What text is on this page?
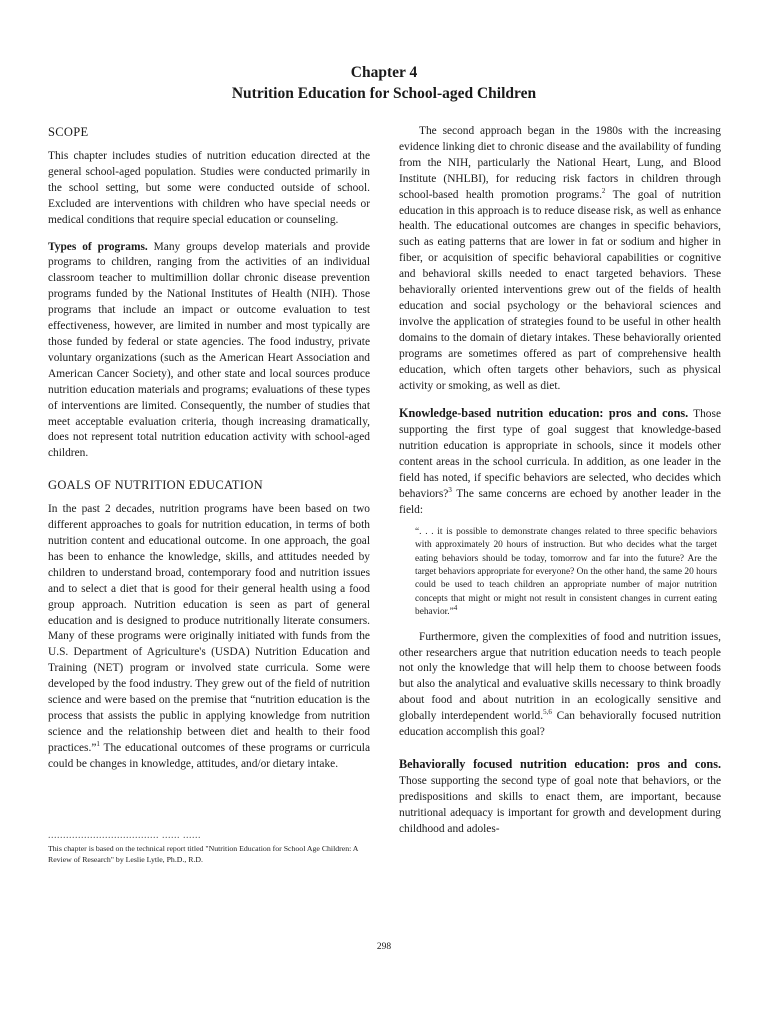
Chapter 4
Nutrition Education for School-aged Children
SCOPE

This chapter includes studies of nutrition education directed at the general school-aged population. Studies were conducted primarily in the school setting, but some were conducted outside of school. Excluded are interventions with children who have special needs or medical conditions that require special education or counseling.

Types of programs. Many groups develop materials and provide programs to children, ranging from the activities of an individual classroom teacher to multimillion dollar chronic disease prevention programs funded by the National Institutes of Health (NIH). Those programs that include an impact or outcome evaluation to test effectiveness, however, are limited in number and most typically are those funded by federal or state agencies. The food industry, private voluntary organizations (such as the American Heart Association and American Cancer Society), and other state and local sources produce nutrition education materials and programs; evaluations of these types of interventions are limited. Consequently, the number of studies that meet acceptable evaluation criteria, though increasing dramatically, does not represent total nutrition education activity with school-aged children.

GOALS OF NUTRITION EDUCATION

In the past 2 decades, nutrition programs have been based on two different approaches to goals for nutrition education, in terms of both nutrition content and educational outcome. In one approach, the goal has been to enhance the knowledge, skills, and attitudes needed by children to understand broad, contemporary food and nutrition issues and to select a diet that is good for their general health using a food group approach. Nutrition education is seen as part of general education and is designed to produce nutritionally literate consumers. Many of these programs were originally initiated with funds from the U.S. Department of Agriculture's (USDA) Nutrition Education and Training (NET) program or involved state curricula. Some were developed by the food industry. They grew out of the field of nutrition science and were based on the premise that “nutrition education is the process that assists the public in applying knowledge from nutrition science and the relationship between diet and health to their food practices.”$^1$ The educational outcomes of these programs or curricula could be changes in knowledge, attitudes, and/or dietary intake.

..................................... ...... ......
This chapter is based on the technical report titled "Nutrition Education for School Age Children: A Review of Research" by Leslie Lytle, Ph.D., R.D.

The second approach began in the 1980s with the increasing evidence linking diet to chronic disease and the availability of funding from the NIH, particularly the National Heart, Lung, and Blood Institute (NHLBI), for reducing risk factors in children through school-based health promotion programs.$^2$ The goal of nutrition education in this approach is to reduce disease risk, as well as enhance health. The educational outcomes are changes in specific behaviors, such as eating patterns that are lower in fat or sodium and higher in fiber, or acquisition of specific behavioral capabilities or cognitive and behavioral skills needed to enact targeted behaviors. These behaviorally oriented interventions grew out of the fields of health education and social psychology or the behavioral sciences and involve the application of strategies found to be useful in other health domains to the domain of dietary intakes. These behaviorally oriented programs are sometimes offered as part of comprehensive health education, which often targets other behaviors, such as physical activity or smoking, as well as diet.

Knowledge-based nutrition education: pros and cons. Those supporting the first type of goal suggest that knowledge-based nutrition education is appropriate in schools, since it models other content areas in the school curricula. In addition, as one leader in the field has noted, if specific behaviors are selected, who decides which behaviors?$^3$ The same concerns are echoed by another leader in the field:

“. . . it is possible to demonstrate changes related to three specific behaviors with approximately 20 hours of instruction. But who decides what the target eating behaviors should be today, tomorrow and far into the future? Are the target behaviors appropriate for everyone? On the other hand, the same 20 hours could be used to teach children an appropriate number of major nutrition concepts that might or might not result in consistent changes in current eating behavior.”$^4$

Furthermore, given the complexities of food and nutrition issues, other researchers argue that nutrition education needs to teach people not only the knowledge that will help them to choose between foods but also the analytical and evaluative skills necessary to think broadly about food and about nutrition in an ecologically sensitive and globally interdependent world.$^{5,6}$ Can behaviorally focused nutrition education accomplish this goal?

Behaviorally focused nutrition education: pros and cons. Those supporting the second type of goal note that behaviors, or the predispositions and skills to enact them, are important, because nutritional adequacy is important for growth and development during childhood and adoles-

298
